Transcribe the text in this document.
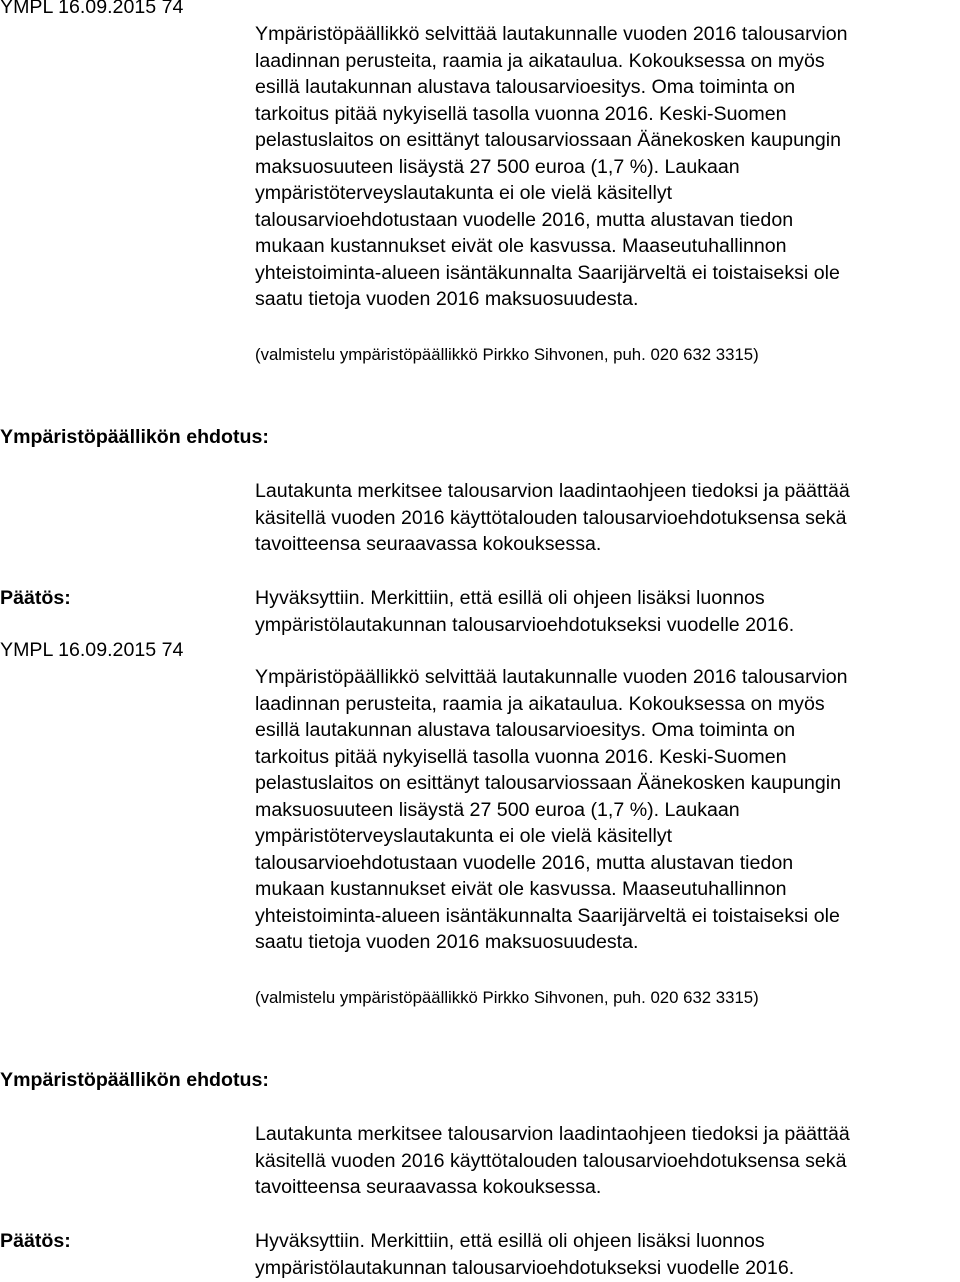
YMPL 16.09.2015 74

Ympäristöpäällikkö selvittää lautakunnalle vuoden 2016 talousarvion

laadinnan perusteita, raamia ja aikataulua. Kokouksessa on myös

esillä lautakunnan alustava talousarvioesitys. Oma toiminta on

tarkoitus pitää nykyisellä tasolla vuonna 2016. Keski-Suomen

pelastuslaitos on esittänyt talousarviossaan Äänekosken kaupungin

maksuosuuteen lisäystä 27 500 euroa (1,7 %). Laukaan

ympäristöterveyslautakunta ei ole vielä käsitellyt

talousarvioehdotustaan vuodelle 2016, mutta alustavan tiedon

mukaan kustannukset eivät ole kasvussa. Maaseutuhallinnon

yhteistoiminta-alueen isäntäkunnalta Saarijärveltä ei toistaiseksi ole

saatu tietoja vuoden 2016 maksuosuudesta.

(valmistelu ympäristöpäällikkö Pirkko Sihvonen, puh. 020 632 3315)

Ympäristöpäällikön ehdotus:

Lautakunta merkitsee talousarvion laadintaohjeen tiedoksi ja päättää

käsitellä vuoden 2016 käyttötalouden talousarvioehdotuksensa sekä

tavoitteensa seuraavassa kokouksessa.

Päätös:	Hyväksyttiin. Merkittiin, että esillä oli ohjeen lisäksi luonnos

ympäristölautakunnan talousarvioehdotukseksi vuodelle 2016.

YMPL 16.09.2015 74

Ympäristöpäällikkö selvittää lautakunnalle vuoden 2016 talousarvion

laadinnan perusteita, raamia ja aikataulua. Kokouksessa on myös

esillä lautakunnan alustava talousarvioesitys. Oma toiminta on

tarkoitus pitää nykyisellä tasolla vuonna 2016. Keski-Suomen

pelastuslaitos on esittänyt talousarviossaan Äänekosken kaupungin

maksuosuuteen lisäystä 27 500 euroa (1,7 %). Laukaan

ympäristöterveyslautakunta ei ole vielä käsitellyt

talousarvioehdotustaan vuodelle 2016, mutta alustavan tiedon

mukaan kustannukset eivät ole kasvussa. Maaseutuhallinnon

yhteistoiminta-alueen isäntäkunnalta Saarijärveltä ei toistaiseksi ole

saatu tietoja vuoden 2016 maksuosuudesta.

(valmistelu ympäristöpäällikkö Pirkko Sihvonen, puh. 020 632 3315)

Ympäristöpäällikön ehdotus:

Lautakunta merkitsee talousarvion laadintaohjeen tiedoksi ja päättää

käsitellä vuoden 2016 käyttötalouden talousarvioehdotuksensa sekä

tavoitteensa seuraavassa kokouksessa.

Päätös:	Hyväksyttiin. Merkittiin, että esillä oli ohjeen lisäksi luonnos

ympäristölautakunnan talousarvioehdotukseksi vuodelle 2016.
